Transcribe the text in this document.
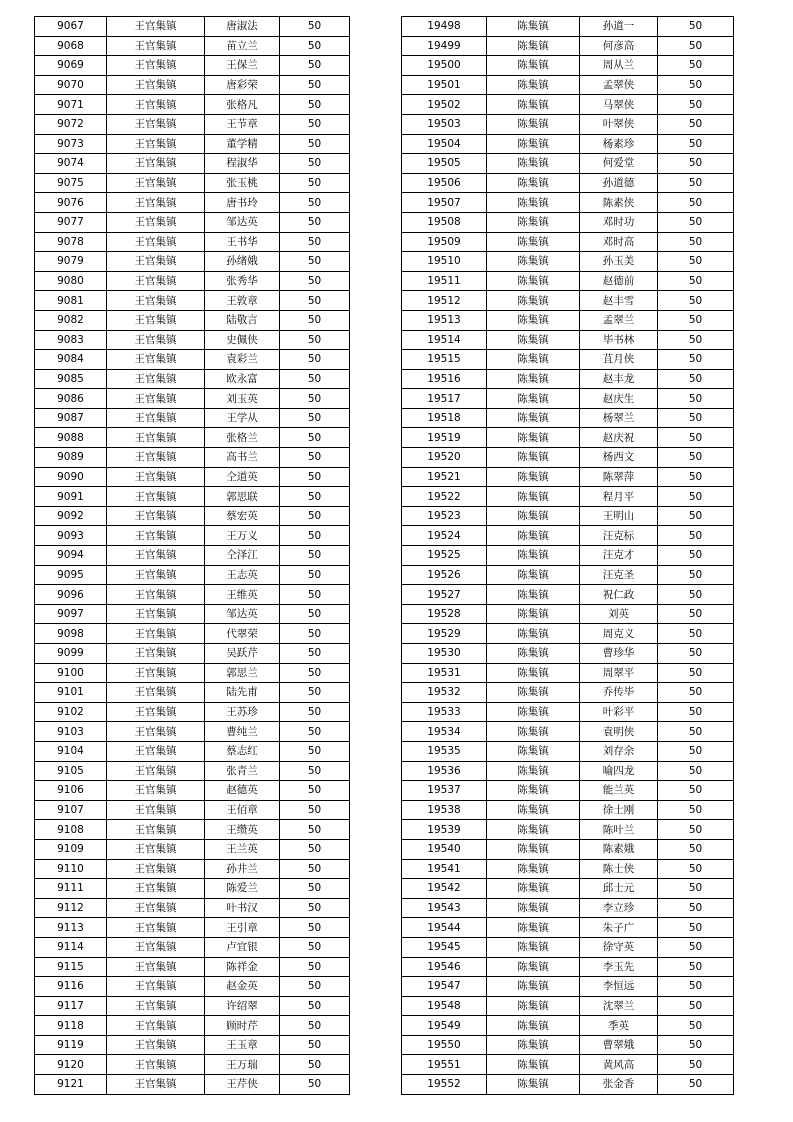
9067	王官集镇	唐淑法	50
9068	王官集镇	苗立兰	50
9069	王官集镇	王保兰	50
9070	王官集镇	唐彩荣	50
9071	王官集镇	张格凡	50
9072	王官集镇	王节章	50
9073	王官集镇	董学精	50
9074	王官集镇	程淑华	50
9075	王官集镇	张玉桃	50
9076	王官集镇	唐书玲	50
9077	王官集镇	邹达英	50
9078	王官集镇	王书华	50
9079	王官集镇	孙绪娥	50
9080	王官集镇	张秀华	50
9081	王官集镇	王敦章	50
9082	王官集镇	陆敬言	50
9083	王官集镇	史佩侠	50
9084	王官集镇	袁彩兰	50
9085	王官集镇	欧永富	50
9086	王官集镇	刘玉英	50
9087	王官集镇	王学从	50
9088	王官集镇	张格兰	50
9089	王官集镇	高书兰	50
9090	王官集镇	仝道英	50
9091	王官集镇	郭思联	50
9092	王官集镇	蔡宏英	50
9093	王官集镇	王万义	50
9094	王官集镇	仝泽江	50
9095	王官集镇	王志英	50
9096	王官集镇	王维英	50
9097	王官集镇	邹达英	50
9098	王官集镇	代翠荣	50
9099	王官集镇	吴跃芹	50
9100	王官集镇	郭思兰	50
9101	王官集镇	陆先甫	50
9102	王官集镇	王苏珍	50
9103	王官集镇	曹纯兰	50
9104	王官集镇	蔡志红	50
9105	王官集镇	张青兰	50
9106	王官集镇	赵德英	50
9107	王官集镇	王佰章	50
9108	王官集镇	王缵英	50
9109	王官集镇	王兰英	50
9110	王官集镇	孙井兰	50
9111	王官集镇	陈爱兰	50
9112	王官集镇	叶书汉	50
9113	王官集镇	王引章	50
9114	王官集镇	卢宜银	50
9115	王官集镇	陈祥金	50
9116	王官集镇	赵金英	50
9117	王官集镇	许绍翠	50
9118	王官集镇	顾时芹	50
9119	王官集镇	王玉章	50
9120	王官集镇	王万瑞	50
9121	王官集镇	王芹侠	50
19498	陈集镇	孙道一	50
19499	陈集镇	何彦高	50
19500	陈集镇	周从兰	50
19501	陈集镇	孟翠侠	50
19502	陈集镇	马翠侠	50
19503	陈集镇	叶翠侠	50
19504	陈集镇	杨素珍	50
19505	陈集镇	何爱堂	50
19506	陈集镇	孙道德	50
19507	陈集镇	陈素侠	50
19508	陈集镇	邓时功	50
19509	陈集镇	邓时高	50
19510	陈集镇	孙玉美	50
19511	陈集镇	赵德前	50
19512	陈集镇	赵丰雪	50
19513	陈集镇	孟翠兰	50
19514	陈集镇	毕书林	50
19515	陈集镇	苴月侠	50
19516	陈集镇	赵丰龙	50
19517	陈集镇	赵庆生	50
19518	陈集镇	杨翠兰	50
19519	陈集镇	赵庆祝	50
19520	陈集镇	杨西文	50
19521	陈集镇	陈翠萍	50
19522	陈集镇	程月平	50
19523	陈集镇	王明山	50
19524	陈集镇	汪克标	50
19525	陈集镇	汪克才	50
19526	陈集镇	汪克圣	50
19527	陈集镇	祝仁政	50
19528	陈集镇	刘英	50
19529	陈集镇	周克义	50
19530	陈集镇	曹珍华	50
19531	陈集镇	周翠平	50
19532	陈集镇	乔传毕	50
19533	陈集镇	叶彩平	50
19534	陈集镇	袁明侠	50
19535	陈集镇	刘存余	50
19536	陈集镇	喻四龙	50
19537	陈集镇	能兰英	50
19538	陈集镇	徐士刚	50
19539	陈集镇	陈叶兰	50
19540	陈集镇	陈素娥	50
19541	陈集镇	陈士侠	50
19542	陈集镇	邱士元	50
19543	陈集镇	李立珍	50
19544	陈集镇	朱子广	50
19545	陈集镇	徐守英	50
19546	陈集镇	李玉先	50
19547	陈集镇	李恒远	50
19548	陈集镇	沈翠兰	50
19549	陈集镇	季英	50
19550	陈集镇	曹翠娥	50
19551	陈集镇	黄风高	50
19552	陈集镇	张金香	50
